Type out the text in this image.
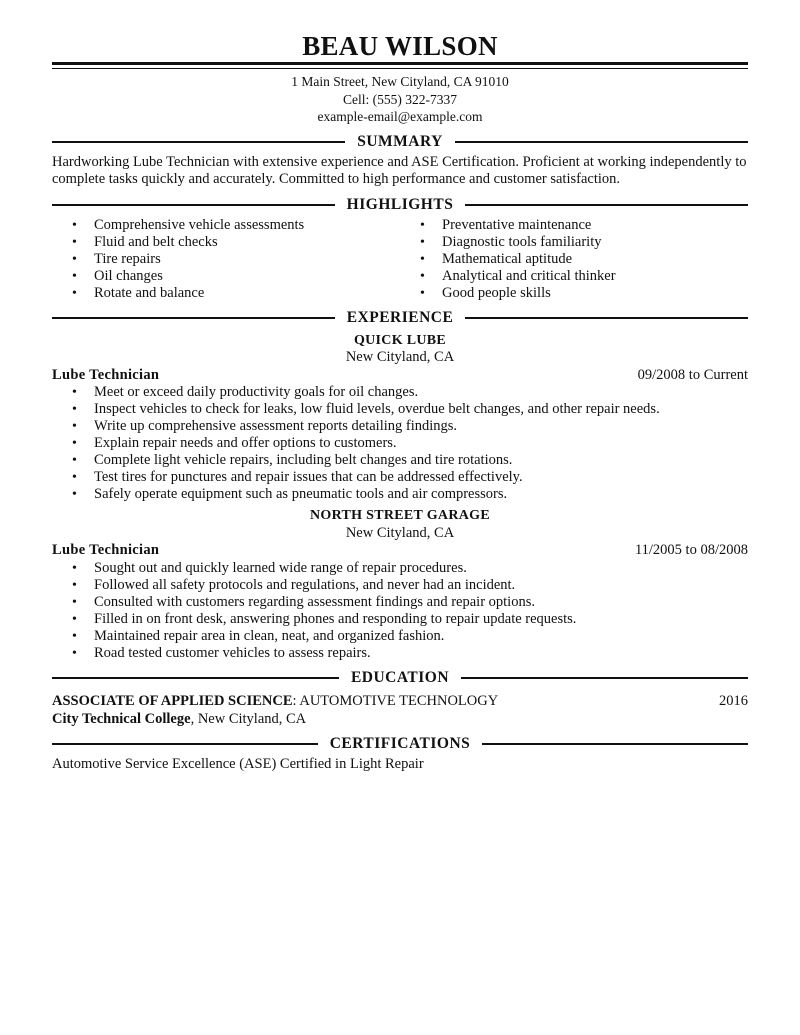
BEAU WILSON
1 Main Street, New Cityland, CA 91010
Cell: (555) 322-7337
example-email@example.com
SUMMARY
Hardworking Lube Technician with extensive experience and ASE Certification. Proficient at working independently to complete tasks quickly and accurately. Committed to high performance and customer satisfaction.
HIGHLIGHTS
• Comprehensive vehicle assessments
• Fluid and belt checks
• Tire repairs
• Oil changes
• Rotate and balance
• Preventative maintenance
• Diagnostic tools familiarity
• Mathematical aptitude
• Analytical and critical thinker
• Good people skills
EXPERIENCE
QUICK LUBE
New Cityland, CA
Lube Technician	09/2008 to Current
• Meet or exceed daily productivity goals for oil changes.
• Inspect vehicles to check for leaks, low fluid levels, overdue belt changes, and other repair needs.
• Write up comprehensive assessment reports detailing findings.
• Explain repair needs and offer options to customers.
• Complete light vehicle repairs, including belt changes and tire rotations.
• Test tires for punctures and repair issues that can be addressed effectively.
• Safely operate equipment such as pneumatic tools and air compressors.
NORTH STREET GARAGE
New Cityland, CA
Lube Technician	11/2005 to 08/2008
• Sought out and quickly learned wide range of repair procedures.
• Followed all safety protocols and regulations, and never had an incident.
• Consulted with customers regarding assessment findings and repair options.
• Filled in on front desk, answering phones and responding to repair update requests.
• Maintained repair area in clean, neat, and organized fashion.
• Road tested customer vehicles to assess repairs.
EDUCATION
ASSOCIATE OF APPLIED SCIENCE: AUTOMOTIVE TECHNOLOGY	2016
City Technical College, New Cityland, CA
CERTIFICATIONS
Automotive Service Excellence (ASE) Certified in Light Repair
